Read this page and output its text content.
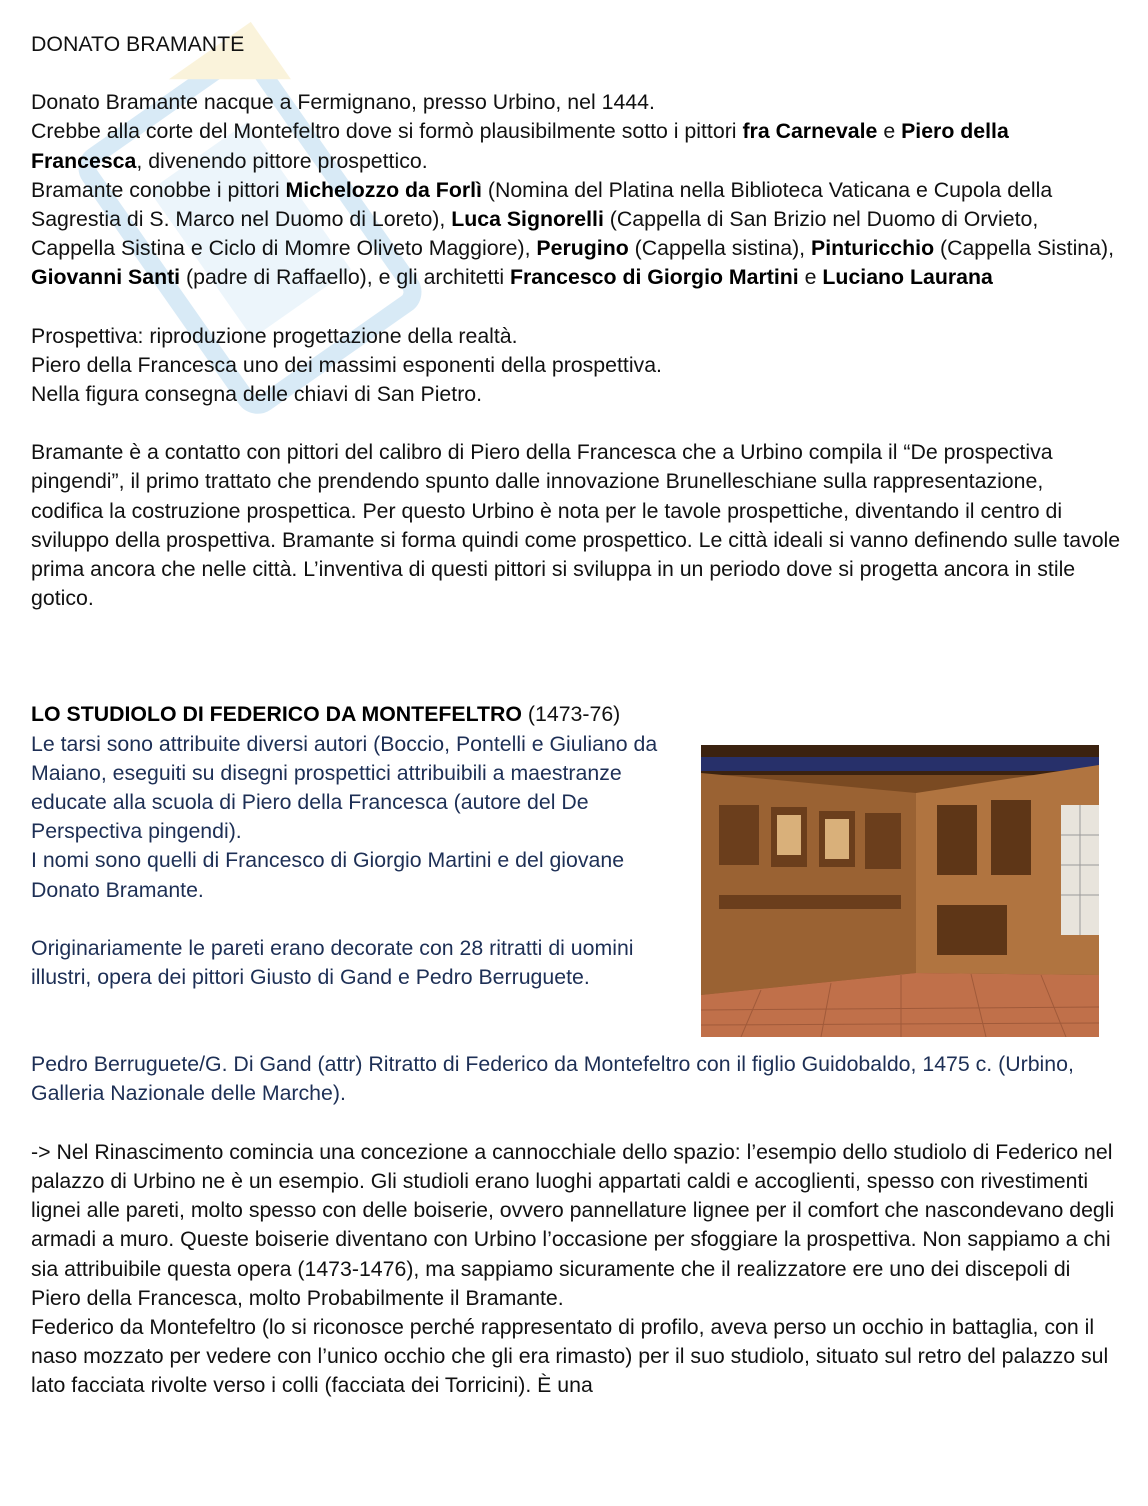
DONATO BRAMANTE

Donato Bramante nacque a Fermignano, presso Urbino, nel 1444.

Crebbe alla corte del Montefeltro dove si formò plausibilmente sotto i pittori fra Carnevale e Piero della Francesca, divenendo pittore prospettico.

Bramante conobbe i pittori Michelozzo da Forlì (Nomina del Platina nella Biblioteca Vaticana e Cupola della Sagrestia di S. Marco nel Duomo di Loreto), Luca Signorelli (Cappella di San Brizio nel Duomo di Orvieto, Cappella Sistina e Ciclo di Momre Oliveto Maggiore), Perugino (Cappella sistina), Pinturicchio (Cappella Sistina), Giovanni Santi (padre di Raffaello), e gli architetti Francesco di Giorgio Martini e Luciano Laurana

Prospettiva: riproduzione progettazione della realtà.

Piero della Francesca uno dei massimi esponenti della prospettiva.

Nella figura consegna delle chiavi di San Pietro.

Bramante è a contatto con pittori del calibro di Piero della Francesca che a Urbino compila il “De prospectiva pingendi”, il primo trattato che prendendo spunto dalle innovazione Brunelleschiane sulla rappresentazione, codifica la costruzione prospettica. Per questo Urbino è nota per le tavole prospettiche, diventando il centro di sviluppo della prospettiva. Bramante si forma quindi come prospettico. Le città ideali si vanno definendo sulle tavole prima ancora che nelle città. L’inventiva di questi pittori si sviluppa in un periodo dove si progetta ancora in stile gotico.

LO STUDIOLO DI FEDERICO DA MONTEFELTRO (1473-76)

Le tarsi sono attribuite diversi autori (Boccio, Pontelli e Giuliano da Maiano, eseguiti su disegni prospettici attribuibili a maestranze educate alla scuola di Piero della Francesca (autore del De Perspectiva pingendi).

I nomi sono quelli di Francesco di Giorgio Martini e del giovane Donato Bramante.

Originariamente le pareti erano decorate con 28 ritratti di uomini illustri, opera dei pittori Giusto di Gand e Pedro Berruguete.

Pedro Berruguete/G. Di Gand (attr) Ritratto di Federico da Montefeltro con il figlio Guidobaldo, 1475 c. (Urbino, Galleria Nazionale delle Marche).

-> Nel Rinascimento comincia una concezione a cannocchiale dello spazio: l’esempio dello studiolo di Federico nel palazzo di Urbino ne è un esempio. Gli studioli erano luoghi appartati caldi e accoglienti, spesso con rivestimenti lignei alle pareti, molto spesso con delle boiserie, ovvero pannellature lignee per il comfort che nascondevano degli armadi a muro. Queste boiserie diventano con Urbino l’occasione per sfoggiare la prospettiva. Non sappiamo a chi sia attribuibile questa opera (1473-1476), ma sappiamo sicuramente che il realizzatore ere uno dei discepoli di Piero della Francesca, molto Probabilmente il Bramante.

Federico da Montefeltro (lo si riconosce perché rappresentato di profilo, aveva perso un occhio in battaglia, con il naso mozzato per vedere con l’unico occhio che gli era rimasto) per il suo studiolo, situato sul retro del palazzo sul lato facciata rivolte verso i colli (facciata dei Torricini). È una
